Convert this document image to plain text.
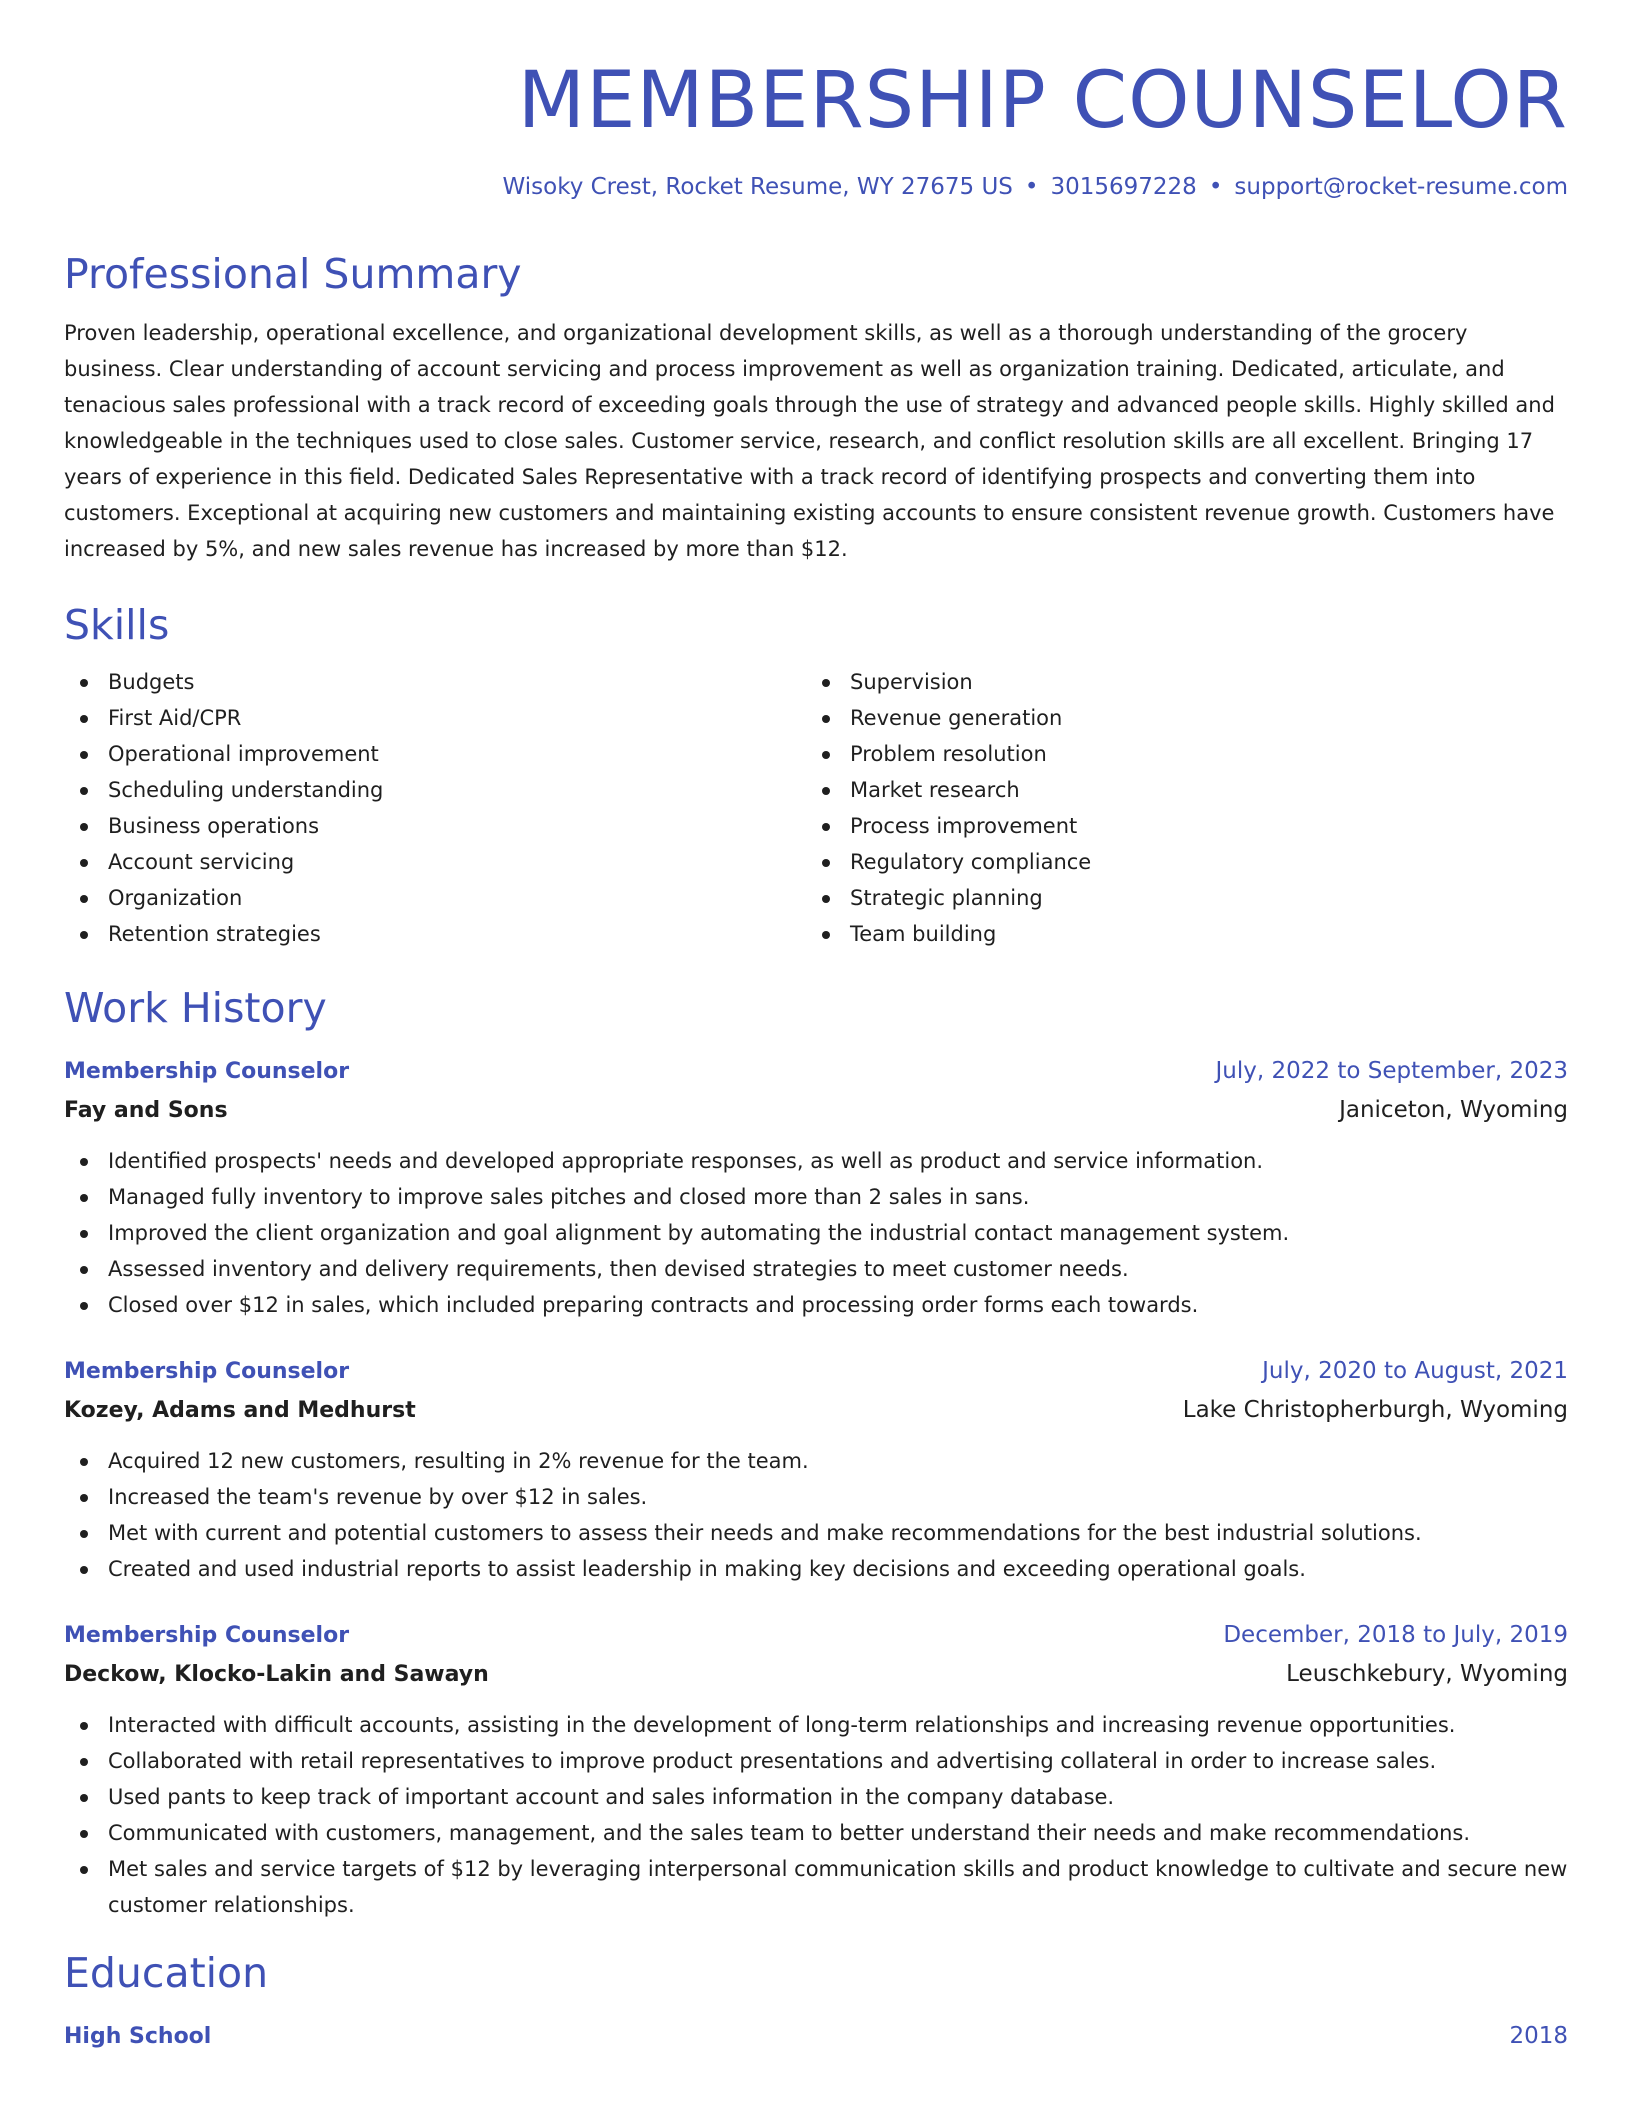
MEMBERSHIP COUNSELOR
Wisoky Crest, Rocket Resume, WY 27675 US • 3015697228 • support@rocket-resume.com
Professional Summary

Proven leadership, operational excellence, and organizational development skills, as well as a thorough understanding of the grocery business. Clear understanding of account servicing and process improvement as well as organization training. Dedicated, articulate, and tenacious sales professional with a track record of exceeding goals through the use of strategy and advanced people skills. Highly skilled and knowledgeable in the techniques used to close sales. Customer service, research, and conflict resolution skills are all excellent. Bringing 17 years of experience in this field. Dedicated Sales Representative with a track record of identifying prospects and converting them into customers. Exceptional at acquiring new customers and maintaining existing accounts to ensure consistent revenue growth. Customers have increased by 5%, and new sales revenue has increased by more than $12.

Skills
Budgets
First Aid/CPR
Operational improvement
Scheduling understanding
Business operations
Account servicing
Organization
Retention strategies
Supervision
Revenue generation
Problem resolution
Market research
Process improvement
Regulatory compliance
Strategic planning
Team building
Work History
Membership Counselor	July, 2022 to September, 2023
Fay and Sons	Janiceton, Wyoming
Identified prospects' needs and developed appropriate responses, as well as product and service information.
Managed fully inventory to improve sales pitches and closed more than 2 sales in sans.
Improved the client organization and goal alignment by automating the industrial contact management system.
Assessed inventory and delivery requirements, then devised strategies to meet customer needs.
Closed over $12 in sales, which included preparing contracts and processing order forms each towards.
Membership Counselor	July, 2020 to August, 2021
Kozey, Adams and Medhurst	Lake Christopherburgh, Wyoming
Acquired 12 new customers, resulting in 2% revenue for the team.
Increased the team's revenue by over $12 in sales.
Met with current and potential customers to assess their needs and make recommendations for the best industrial solutions.
Created and used industrial reports to assist leadership in making key decisions and exceeding operational goals.
Membership Counselor	December, 2018 to July, 2019
Deckow, Klocko-Lakin and Sawayn	Leuschkebury, Wyoming
Interacted with difficult accounts, assisting in the development of long-term relationships and increasing revenue opportunities.
Collaborated with retail representatives to improve product presentations and advertising collateral in order to increase sales.
Used pants to keep track of important account and sales information in the company database.
Communicated with customers, management, and the sales team to better understand their needs and make recommendations.
Met sales and service targets of $12 by leveraging interpersonal communication skills and product knowledge to cultivate and secure new customer relationships.
Education
High School	2018
